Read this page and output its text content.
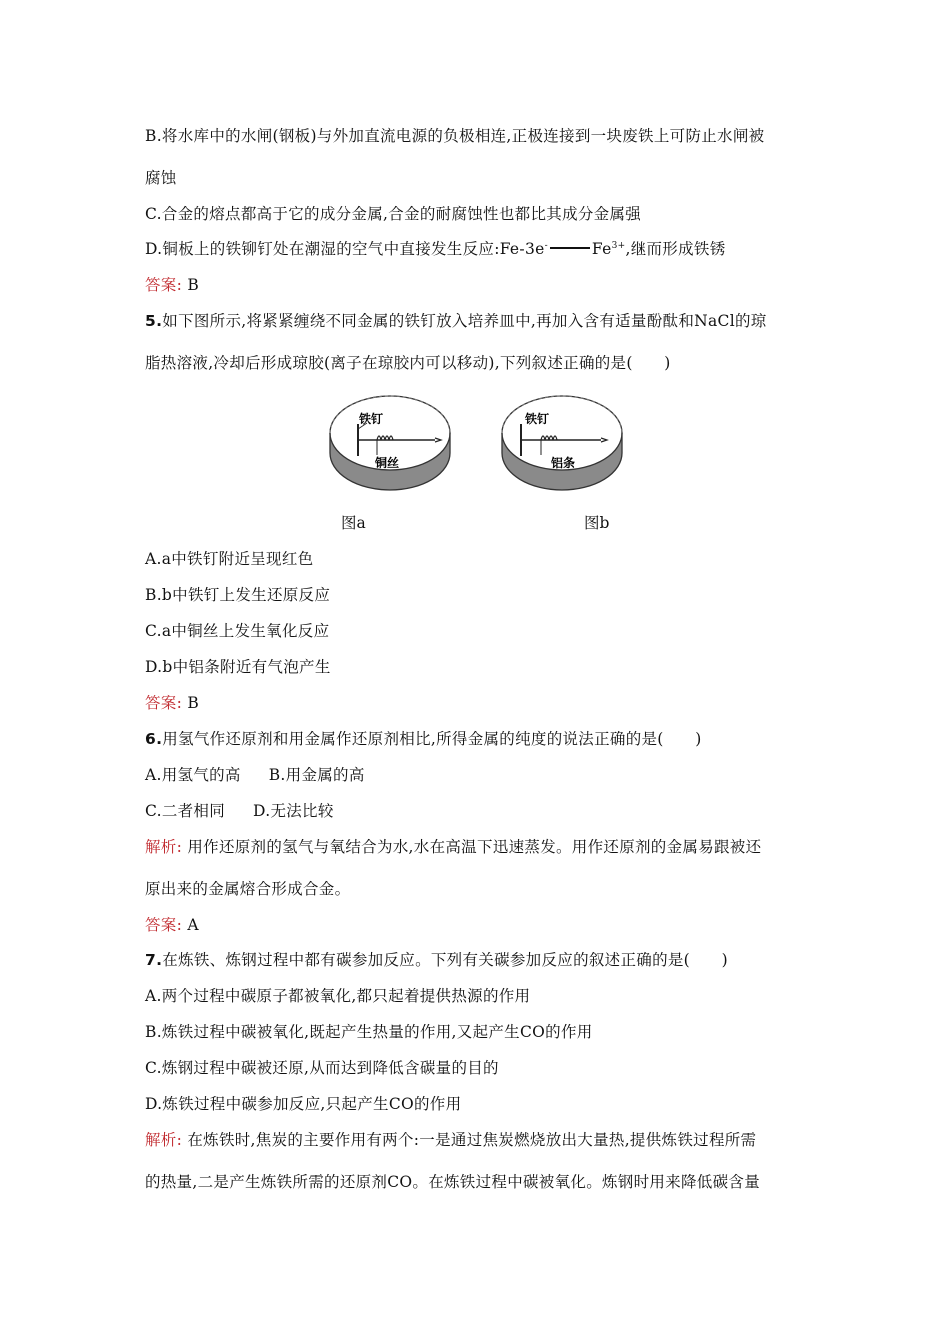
B.将水库中的水闸(钢板)与外加直流电源的负极相连,正极连接到一块废铁上可防止水闸被
腐蚀
C.合金的熔点都高于它的成分金属,合金的耐腐蚀性也都比其成分金属强
D.铜板上的铁铆钉处在潮湿的空气中直接发生反应:Fe-3e-	$Fe^{3+}$,继而形成铁锈
答案: B
5.如下图所示,将紧紧缠绕不同金属的铁钉放入培养皿中,再加入含有适量酚酞和NaCl的琼
脂热溶液,冷却后形成琼胶(离子在琼胶内可以移动),下列叙述正确的是(　　)
铁钉
铜丝
铁钉
铝条
图a	图b
A.a中铁钉附近呈现红色
B.b中铁钉上发生还原反应
C.a中铜丝上发生氧化反应
D.b中铝条附近有气泡产生
答案: B
6.用氢气作还原剂和用金属作还原剂相比,所得金属的纯度的说法正确的是(　　)
A.用氢气的高 B.用金属的高
C.二者相同 D.无法比较
解析: 用作还原剂的氢气与氧结合为水,水在高温下迅速蒸发。用作还原剂的金属易跟被还
原出来的金属熔合形成合金。
答案: A
7.在炼铁、炼钢过程中都有碳参加反应。下列有关碳参加反应的叙述正确的是(　　)
A.两个过程中碳原子都被氧化,都只起着提供热源的作用
B.炼铁过程中碳被氧化,既起产生热量的作用,又起产生CO的作用
C.炼钢过程中碳被还原,从而达到降低含碳量的目的
D.炼铁过程中碳参加反应,只起产生CO的作用
解析: 在炼铁时,焦炭的主要作用有两个:一是通过焦炭燃烧放出大量热,提供炼铁过程所需
的热量,二是产生炼铁所需的还原剂CO。在炼铁过程中碳被氧化。炼钢时用来降低碳含量
